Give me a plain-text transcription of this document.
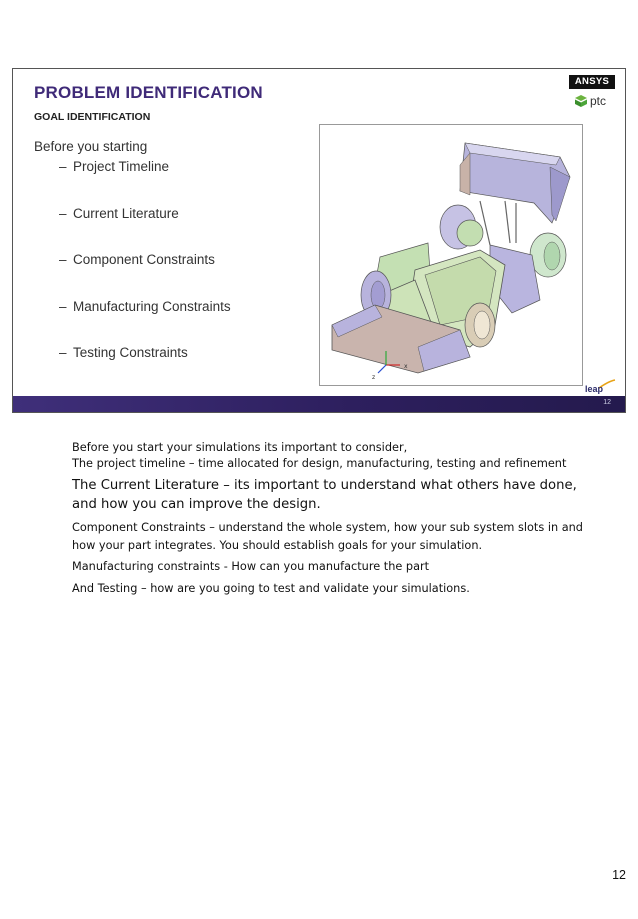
PROBLEM IDENTIFICATION
GOAL IDENTIFICATION
Before you starting
– Project Timeline
– Current Literature
– Component Constraints
– Manufacturing Constraints
– Testing Constraints
ANSYS
ptc
x
z
leap
12

Before you start your simulations its important to consider,

The project timeline – time allocated for design, manufacturing, testing and refinement

The Current Literature – its important to understand what others have done, and how you can improve the design.

Component Constraints – understand the whole system, how your sub system slots in and how your part integrates. You should establish goals for your simulation.

Manufacturing constraints - How can you manufacture the part

And Testing – how are you going to test and validate your simulations.

12
